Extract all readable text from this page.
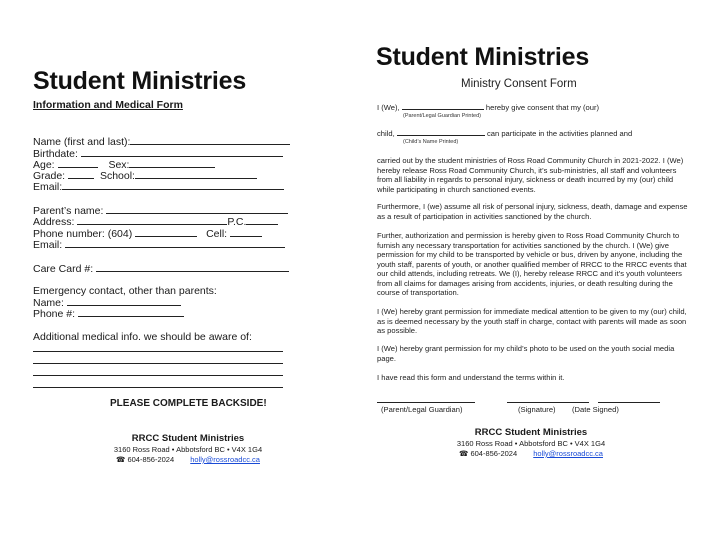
Student Ministries
Information and Medical Form
Name (first and last):
Birthdate:
Age:	Sex:
Grade:	School:
Email:
Parent’s name:
Address:	P.C.
Phone number: (604)	Cell:
Email:
Care Card #:
Emergency contact, other than parents:
Name:
Phone #:
Additional medical info. we should be aware of:
PLEASE COMPLETE BACKSIDE!
RRCC Student Ministries
3160 Ross Road • Abbotsford BC • V4X 1G4
☎ 604-856-2024 holly@rossroadcc.ca
Student Ministries
Ministry Consent Form
I (We),	hereby give consent that my (our)
(Parent/Legal Guardian Printed)
child,	can participate in the activities planned and
(Child’s Name Printed)
carried out by the student ministries of Ross Road Community Church in 2021-2022. I (We) hereby release Ross Road Community Church, it’s sub-ministries, all staff and volunteers from all liability in regards to personal injury, sickness or death incurred by my (our) child while participating in church sanctioned events.
Furthermore, I (we) assume all risk of personal injury, sickness, death, damage and expense as a result of participation in activities sanctioned by the church.
Further, authorization and permission is hereby given to Ross Road Community Church to furnish any necessary transportation for activities sanctioned by the church. I (We) give permission for my child to be transported by vehicle or bus, driven by anyone, including the youth staff, parents of youth, or another qualified member of RRCC to the RRCC events that our child attends, including retreats. We (I), hereby release RRCC and it’s youth volunteers from all claims for damages arising from accidents, injuries, or death resulting during the course of transportation.
I (We) hereby grant permission for immediate medical attention to be given to my (our) child, as is deemed necessary by the youth staff in charge, contact with parents will made as soon as possible.
I (We) hereby grant permission for my child’s photo to be used on the youth social media page.
I have read this form and understand the terms within it.
(Parent/Legal Guardian)	(Signature) (Date Signed)
RRCC Student Ministries
3160 Ross Road • Abbotsford BC • V4X 1G4
☎ 604-856-2024 holly@rossroadcc.ca
